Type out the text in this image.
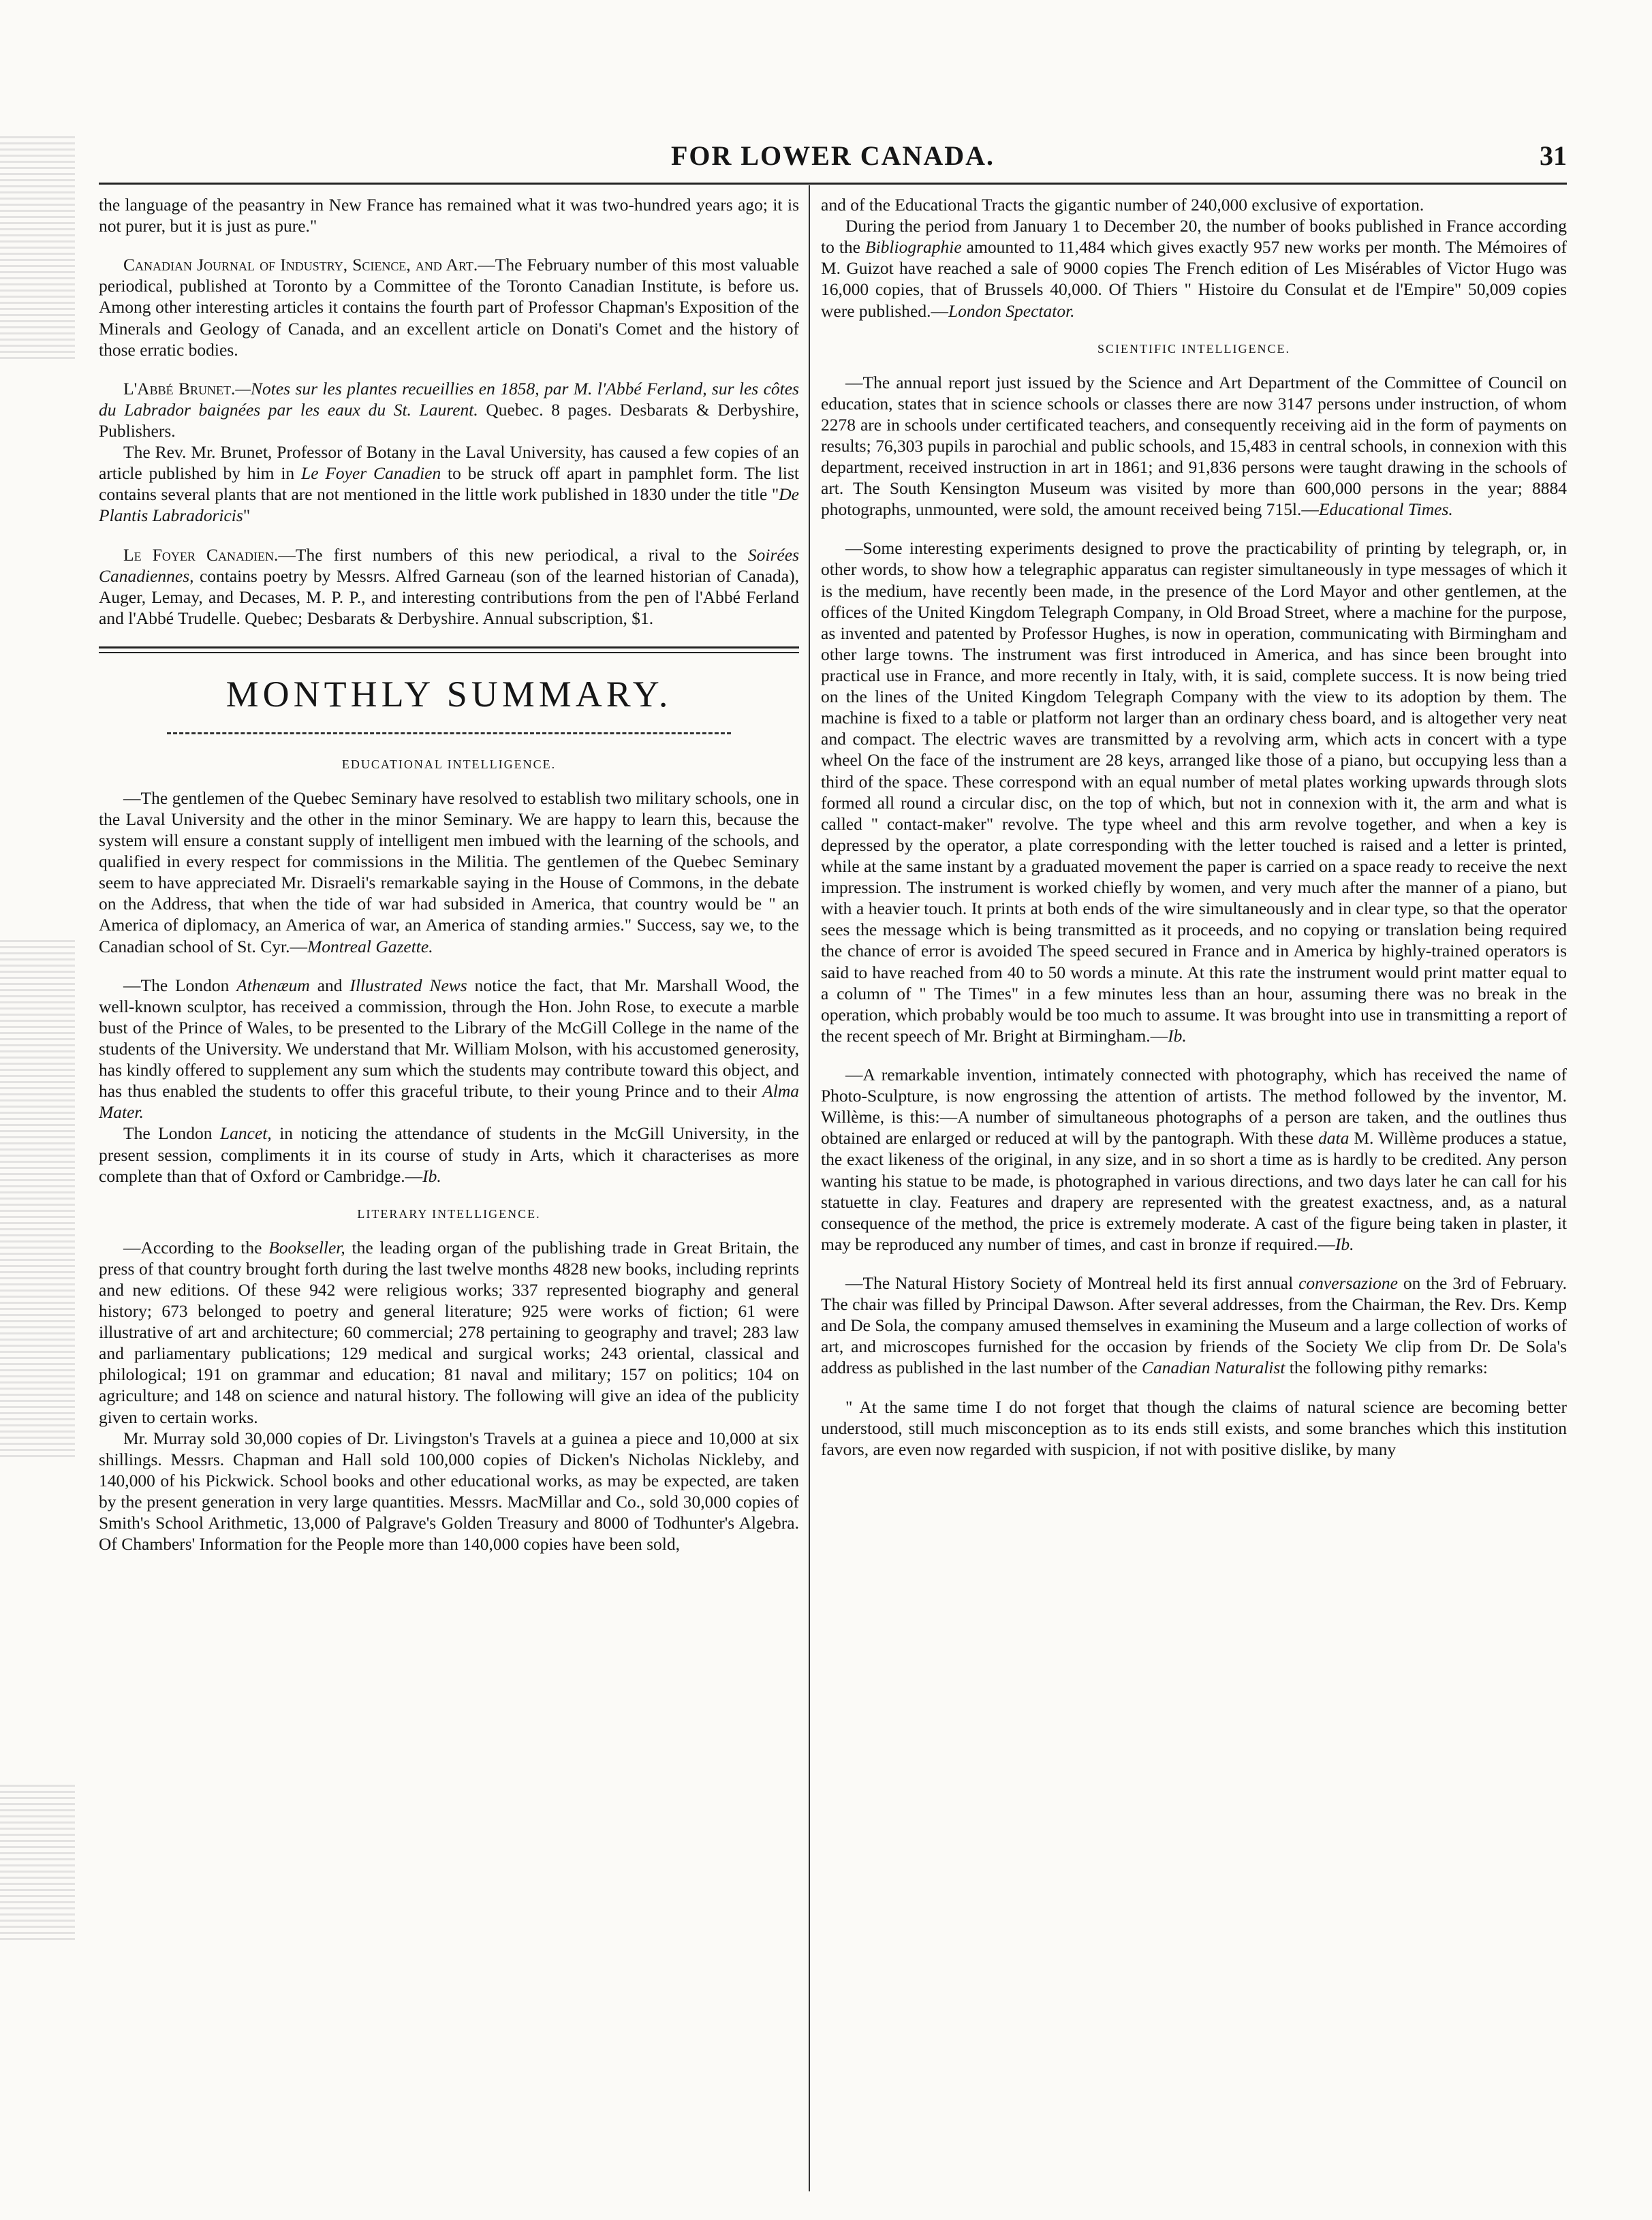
FOR LOWER CANADA.	31

the language of the peasantry in New France has remained what it was two-hundred years ago; it is not purer, but it is just as pure."

Canadian Journal of Industry, Science, and Art.—The February number of this most valuable periodical, published at Toronto by a Committee of the Toronto Canadian Institute, is before us. Among other interesting articles it contains the fourth part of Professor Chapman's Exposition of the Minerals and Geology of Canada, and an excellent article on Donati's Comet and the history of those erratic bodies.

L'Abbé Brunet.—Notes sur les plantes recueillies en 1858, par M. l'Abbé Ferland, sur les côtes du Labrador baignées par les eaux du St. Laurent. Quebec. 8 pages. Desbarats & Derbyshire, Publishers.

The Rev. Mr. Brunet, Professor of Botany in the Laval University, has caused a few copies of an article published by him in Le Foyer Canadien to be struck off apart in pamphlet form. The list contains several plants that are not mentioned in the little work published in 1830 under the title "De Plantis Labradoricis"

Le Foyer Canadien.—The first numbers of this new periodical, a rival to the Soirées Canadiennes, contains poetry by Messrs. Alfred Garneau (son of the learned historian of Canada), Auger, Lemay, and Decases, M. P. P., and interesting contributions from the pen of l'Abbé Ferland and l'Abbé Trudelle. Quebec; Desbarats & Derbyshire. Annual subscription, $1.

MONTHLY SUMMARY.

EDUCATIONAL INTELLIGENCE.

—The gentlemen of the Quebec Seminary have resolved to establish two military schools, one in the Laval University and the other in the minor Seminary. We are happy to learn this, because the system will ensure a constant supply of intelligent men imbued with the learning of the schools, and qualified in every respect for commissions in the Militia. The gentlemen of the Quebec Seminary seem to have appreciated Mr. Disraeli's remarkable saying in the House of Commons, in the debate on the Address, that when the tide of war had subsided in America, that country would be " an America of diplomacy, an America of war, an America of standing armies." Success, say we, to the Canadian school of St. Cyr.—Montreal Gazette.

—The London Athenæum and Illustrated News notice the fact, that Mr. Marshall Wood, the well-known sculptor, has received a commission, through the Hon. John Rose, to execute a marble bust of the Prince of Wales, to be presented to the Library of the McGill College in the name of the students of the University. We understand that Mr. William Molson, with his accustomed generosity, has kindly offered to supplement any sum which the students may contribute toward this object, and has thus enabled the students to offer this graceful tribute, to their young Prince and to their Alma Mater.

The London Lancet, in noticing the attendance of students in the McGill University, in the present session, compliments it in its course of study in Arts, which it characterises as more complete than that of Oxford or Cambridge.—Ib.

LITERARY INTELLIGENCE.

—According to the Bookseller, the leading organ of the publishing trade in Great Britain, the press of that country brought forth during the last twelve months 4828 new books, including reprints and new editions. Of these 942 were religious works; 337 represented biography and general history; 673 belonged to poetry and general literature; 925 were works of fiction; 61 were illustrative of art and architecture; 60 commercial; 278 pertaining to geography and travel; 283 law and parliamentary publications; 129 medical and surgical works; 243 oriental, classical and philological; 191 on grammar and education; 81 naval and military; 157 on politics; 104 on agriculture; and 148 on science and natural history. The following will give an idea of the publicity given to certain works.

Mr. Murray sold 30,000 copies of Dr. Livingston's Travels at a guinea a piece and 10,000 at six shillings. Messrs. Chapman and Hall sold 100,000 copies of Dicken's Nicholas Nickleby, and 140,000 of his Pickwick. School books and other educational works, as may be expected, are taken by the present generation in very large quantities. Messrs. MacMillar and Co., sold 30,000 copies of Smith's School Arithmetic, 13,000 of Palgrave's Golden Treasury and 8000 of Todhunter's Algebra. Of Chambers' Information for the People more than 140,000 copies have been sold,

and of the Educational Tracts the gigantic number of 240,000 exclusive of exportation.

During the period from January 1 to December 20, the number of books published in France according to the Bibliographie amounted to 11,484 which gives exactly 957 new works per month. The Mémoires of M. Guizot have reached a sale of 9000 copies The French edition of Les Misérables of Victor Hugo was 16,000 copies, that of Brussels 40,000. Of Thiers " Histoire du Consulat et de l'Empire" 50,009 copies were published.—London Spectator.

SCIENTIFIC INTELLIGENCE.

—The annual report just issued by the Science and Art Department of the Committee of Council on education, states that in science schools or classes there are now 3147 persons under instruction, of whom 2278 are in schools under certificated teachers, and consequently receiving aid in the form of payments on results; 76,303 pupils in parochial and public schools, and 15,483 in central schools, in connexion with this department, received instruction in art in 1861; and 91,836 persons were taught drawing in the schools of art. The South Kensington Museum was visited by more than 600,000 persons in the year; 8884 photographs, unmounted, were sold, the amount received being 715l.—Educational Times.

—Some interesting experiments designed to prove the practicability of printing by telegraph, or, in other words, to show how a telegraphic apparatus can register simultaneously in type messages of which it is the medium, have recently been made, in the presence of the Lord Mayor and other gentlemen, at the offices of the United Kingdom Telegraph Company, in Old Broad Street, where a machine for the purpose, as invented and patented by Professor Hughes, is now in operation, communicating with Birmingham and other large towns. The instrument was first introduced in America, and has since been brought into practical use in France, and more recently in Italy, with, it is said, complete success. It is now being tried on the lines of the United Kingdom Telegraph Company with the view to its adoption by them. The machine is fixed to a table or platform not larger than an ordinary chess board, and is altogether very neat and compact. The electric waves are transmitted by a revolving arm, which acts in concert with a type wheel On the face of the instrument are 28 keys, arranged like those of a piano, but occupying less than a third of the space. These correspond with an equal number of metal plates working upwards through slots formed all round a circular disc, on the top of which, but not in connexion with it, the arm and what is called " contact-maker" revolve. The type wheel and this arm revolve together, and when a key is depressed by the operator, a plate corresponding with the letter touched is raised and a letter is printed, while at the same instant by a graduated movement the paper is carried on a space ready to receive the next impression. The instrument is worked chiefly by women, and very much after the manner of a piano, but with a heavier touch. It prints at both ends of the wire simultaneously and in clear type, so that the operator sees the message which is being transmitted as it proceeds, and no copying or translation being required the chance of error is avoided The speed secured in France and in America by highly-trained operators is said to have reached from 40 to 50 words a minute. At this rate the instrument would print matter equal to a column of " The Times" in a few minutes less than an hour, assuming there was no break in the operation, which probably would be too much to assume. It was brought into use in transmitting a report of the recent speech of Mr. Bright at Birmingham.—Ib.

—A remarkable invention, intimately connected with photography, which has received the name of Photo-Sculpture, is now engrossing the attention of artists. The method followed by the inventor, M. Willème, is this:—A number of simultaneous photographs of a person are taken, and the outlines thus obtained are enlarged or reduced at will by the pantograph. With these data M. Willème produces a statue, the exact likeness of the original, in any size, and in so short a time as is hardly to be credited. Any person wanting his statue to be made, is photographed in various directions, and two days later he can call for his statuette in clay. Features and drapery are represented with the greatest exactness, and, as a natural consequence of the method, the price is extremely moderate. A cast of the figure being taken in plaster, it may be reproduced any number of times, and cast in bronze if required.—Ib.

—The Natural History Society of Montreal held its first annual conversazione on the 3rd of February. The chair was filled by Principal Dawson. After several addresses, from the Chairman, the Rev. Drs. Kemp and De Sola, the company amused themselves in examining the Museum and a large collection of works of art, and microscopes furnished for the occasion by friends of the Society We clip from Dr. De Sola's address as published in the last number of the Canadian Naturalist the following pithy remarks:

" At the same time I do not forget that though the claims of natural science are becoming better understood, still much misconception as to its ends still exists, and some branches which this institution favors, are even now regarded with suspicion, if not with positive dislike, by many
